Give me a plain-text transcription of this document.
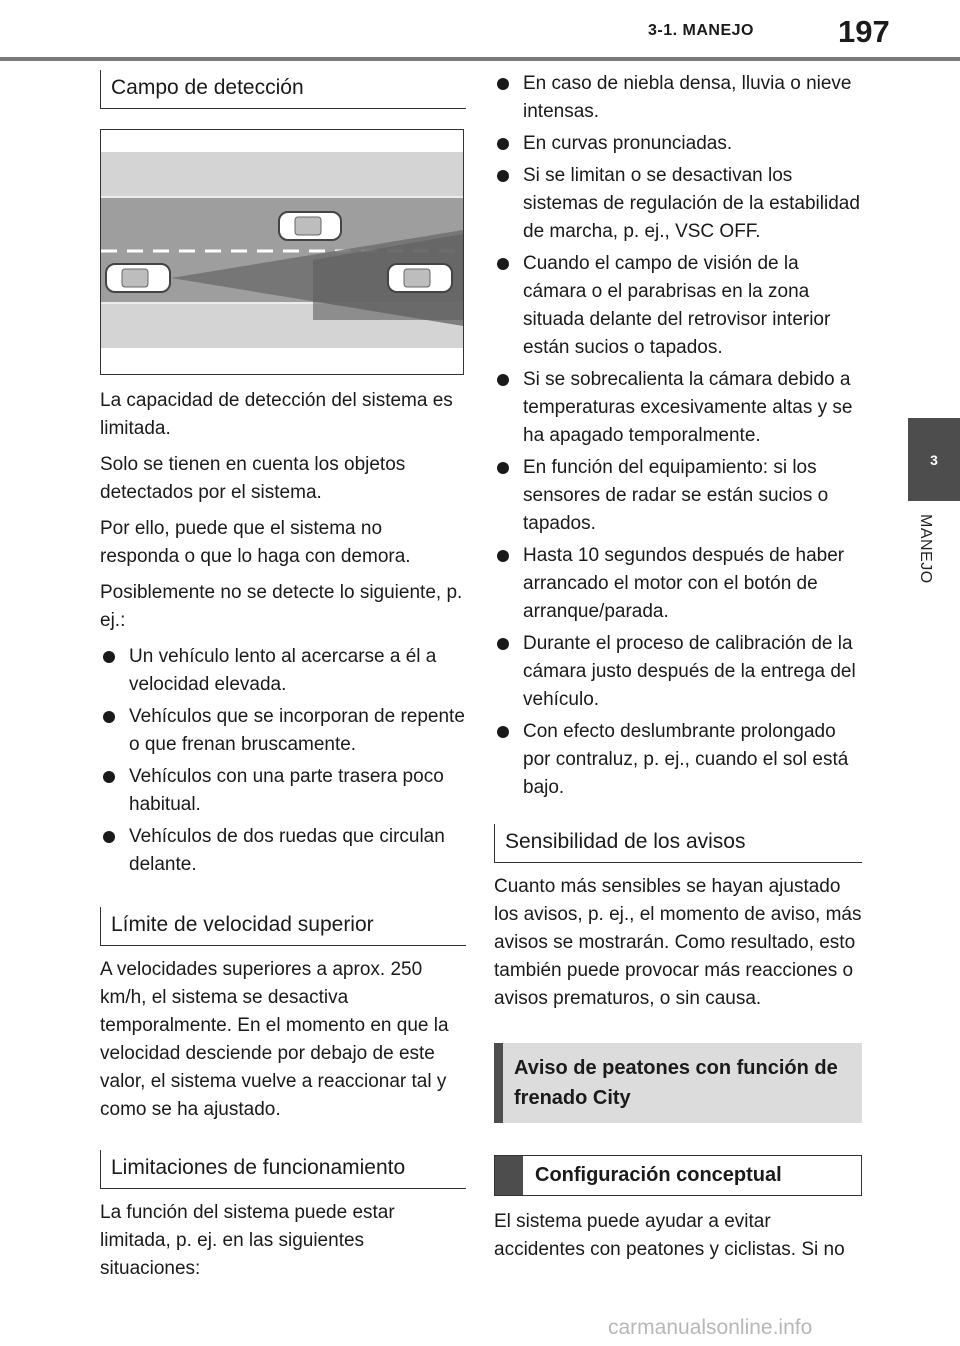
3-1. MANEJO	197
3
MANEJO
Campo de detección

La capacidad de detección del sistema es limitada.

Solo se tienen en cuenta los objetos detectados por el sistema.

Por ello, puede que el sistema no responda o que lo haga con demora.

Posiblemente no se detecte lo siguiente, p. ej.:

Un vehículo lento al acercarse a él a velocidad elevada.
Vehículos que se incorporan de repente o que frenan bruscamente.
Vehículos con una parte trasera poco habitual.
Vehículos de dos ruedas que circulan delante.
Límite de velocidad superior

A velocidades superiores a aprox. 250 km/h, el sistema se desactiva temporalmente. En el momento en que la velocidad desciende por debajo de este valor, el sistema vuelve a reaccionar tal y como se ha ajustado.

Limitaciones de funcionamiento

La función del sistema puede estar limitada, p. ej. en las siguientes situaciones:

En caso de niebla densa, lluvia o nieve intensas.
En curvas pronunciadas.
Si se limitan o se desactivan los sistemas de regulación de la estabilidad de marcha, p. ej., VSC OFF.
Cuando el campo de visión de la cámara o el parabrisas en la zona situada delante del retrovisor interior están sucios o tapados.
Si se sobrecalienta la cámara debido a temperaturas excesivamente altas y se ha apagado temporalmente.
En función del equipamiento: si los sensores de radar se están sucios o tapados.
Hasta 10 segundos después de haber arrancado el motor con el botón de arranque/parada.
Durante el proceso de calibración de la cámara justo después de la entrega del vehículo.
Con efecto deslumbrante prolongado por contraluz, p. ej., cuando el sol está bajo.
Sensibilidad de los avisos

Cuanto más sensibles se hayan ajustado los avisos, p. ej., el momento de aviso, más avisos se mostrarán. Como resultado, esto también puede provocar más reacciones o avisos prematuros, o sin causa.

Aviso de peatones con función de frenado City
Configuración conceptual

El sistema puede ayudar a evitar accidentes con peatones y ciclistas. Si no

carmanualsonline.info
